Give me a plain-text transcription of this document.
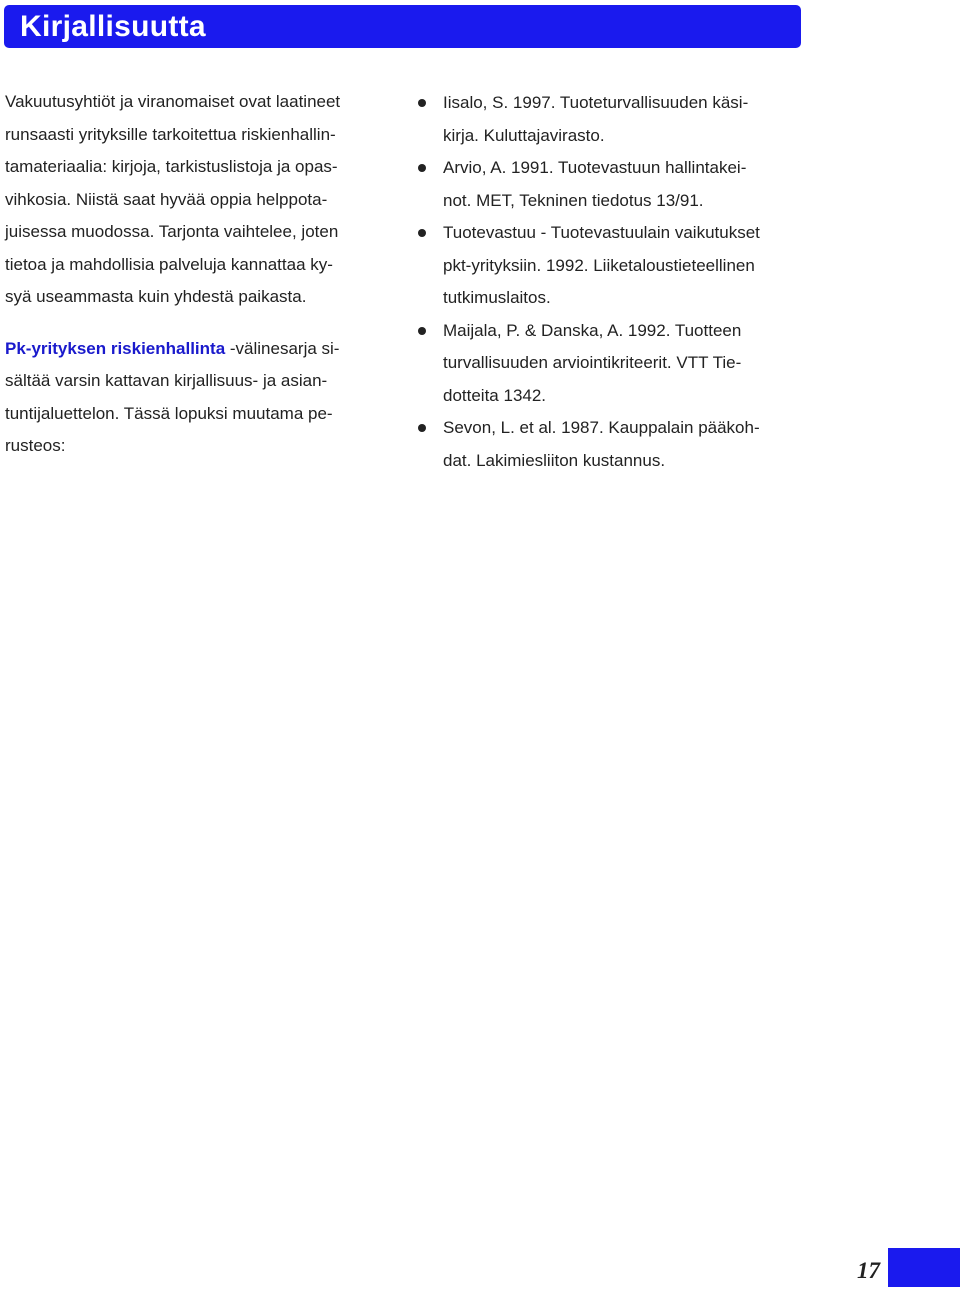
Kirjallisuutta

Vakuutusyhtiöt ja viranomaiset ovat laatineet
runsaasti yrityksille tarkoitettua riskienhallin-
tamateriaalia: kirjoja, tarkistuslistoja ja opas-
vihkosia. Niistä saat hyvää oppia helppota-
juisessa muodossa. Tarjonta vaihtelee, joten
tietoa ja mahdollisia palveluja kannattaa ky-
syä useammasta kuin yhdestä paikasta.

Pk-yrityksen riskienhallinta -välinesarja si-
sältää varsin kattavan kirjallisuus- ja asian-
tuntijaluettelon. Tässä lopuksi muutama pe-
rusteos:

Iisalo, S. 1997. Tuoteturvallisuuden käsi-
kirja. Kuluttajavirasto.
Arvio, A. 1991. Tuotevastuun hallintakei-
not. MET, Tekninen tiedotus 13/91.
Tuotevastuu - Tuotevastuulain vaikutukset
pkt-yrityksiin. 1992. Liiketaloustieteellinen
tutkimuslaitos.
Maijala, P. & Danska, A. 1992. Tuotteen
turvallisuuden arviointikriteerit. VTT Tie-
dotteita 1342.
Sevon, L. et al. 1987. Kauppalain pääkoh-
dat. Lakimiesliiton kustannus.
17
